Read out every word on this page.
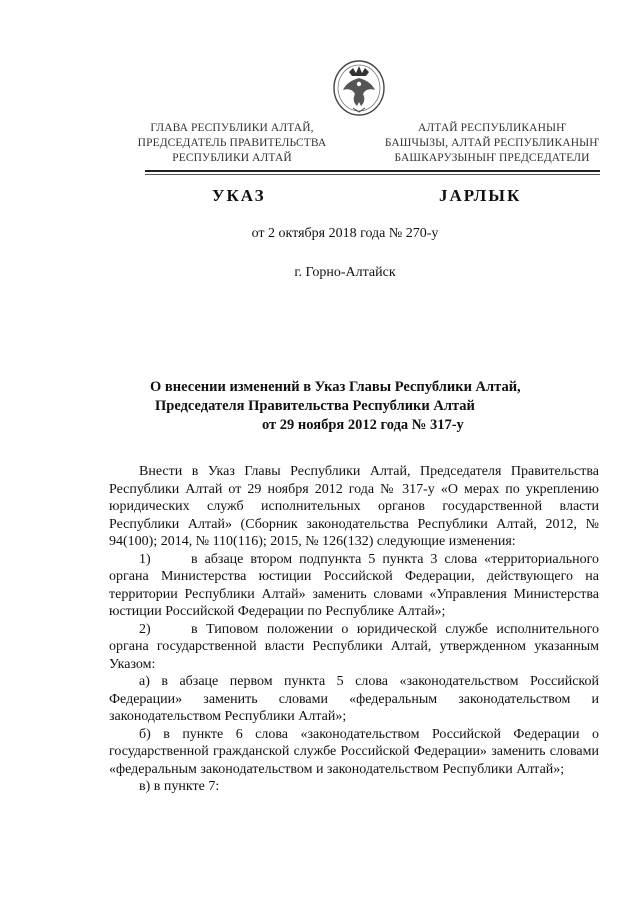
ГЛАВА РЕСПУБЛИКИ АЛТАЙ,
ПРЕДСЕДАТЕЛЬ ПРАВИТЕЛЬСТВА
РЕСПУБЛИКИ АЛТАЙ
АЛТАЙ РЕСПУБЛИКАНЫҤ
БАШЧЫЗЫ, АЛТАЙ РЕСПУБЛИКАНЫҤ
БАШКАРУЗЫНЫҤ ПРЕДСЕДАТЕЛИ
УКАЗ	ЈАРЛЫК
от 2 октября 2018 года № 270-у
г. Горно-Алтайск
О внесении изменений в Указ Главы Республики Алтай,
Председателя Правительства Республики Алтай
от 29 ноября 2012 года № 317-у

Внести в Указ Главы Республики Алтай, Председателя Правительства Республики Алтай от 29 ноября 2012 года № 317-у «О мерах по укреплению юридических служб исполнительных органов государственной власти Республики Алтай» (Сборник законодательства Республики Алтай, 2012, № 94(100); 2014, № 110(116); 2015, № 126(132) следующие изменения:

1)	в абзаце втором подпункта 5 пункта 3 слова «территориального органа Министерства юстиции Российской Федерации, действующего на территории Республики Алтай» заменить словами «Управления Министерства юстиции Российской Федерации по Республике Алтай»;

2)	в Типовом положении о юридической службе исполнительного органа государственной власти Республики Алтай, утвержденном указанным Указом:

а) в абзаце первом пункта 5 слова «законодательством Российской Федерации» заменить словами «федеральным законодательством и законодательством Республики Алтай»;

б) в пункте 6 слова «законодательством Российской Федерации о государственной гражданской службе Российской Федерации» заменить словами «федеральным законодательством и законодательством Республики Алтай»;

в) в пункте 7:
